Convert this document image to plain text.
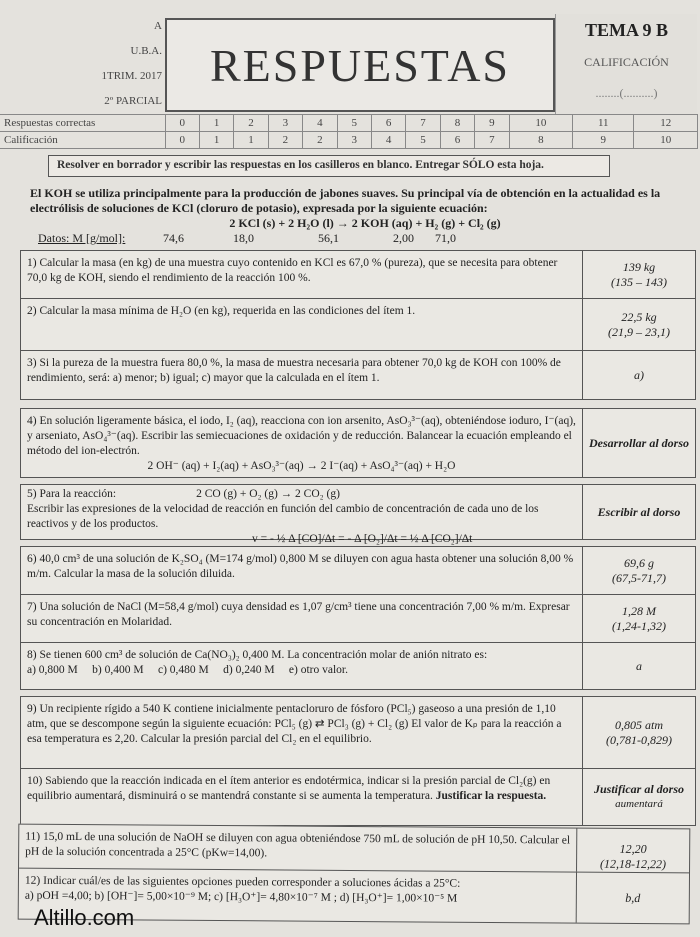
A
U.B.A.
1TRIM. 2017
2º PARCIAL
RESPUESTAS
TEMA 9 B
CALIFICACIÓN
........(..........)
Respuestas correctas	0	1	2	3	4	5	6	7	8	9	10	11	12
Calificación	0	1	1	2	2	3	4	5	6	7	8	9	10
Resolver en borrador y escribir las respuestas en los casilleros en blanco. Entregar SÓLO esta hoja.
El KOH se utiliza principalmente para la producción de jabones suaves. Su principal vía de obtención en la actualidad es la electrólisis de soluciones de KCl (cloruro de potasio), expresada por la siguiente ecuación:
2 KCl (s) + 2 H₂O (l) → 2 KOH (aq) + H₂ (g) + Cl₂ (g)
Datos: M [g/mol]:	74,6	18,0	56,1	2,00	71,0
1) Calcular la masa (en kg) de una muestra cuyo contenido en KCl es 67,0 % (pureza), que se necesita para obtener 70,0 kg de KOH, siendo el rendimiento de la reacción 100 %.
139 kg
(135 – 143)
2) Calcular la masa mínima de H₂O (en kg), requerida en las condiciones del ítem 1.	22,5 kg
(21,9 – 23,1)
3) Si la pureza de la muestra fuera 80,0 %, la masa de muestra necesaria para obtener 70,0 kg de KOH con 100% de rendimiento, será: a) menor; b) igual; c) mayor que la calculada en el ítem 1.	a)
4) En solución ligeramente básica, el iodo, I₂ (aq), reacciona con ion arsenito, AsO₃³⁻(aq), obteniéndose ioduro, I⁻(aq), y arseniato, AsO₄³⁻(aq). Escribir las semiecuaciones de oxidación y de reducción. Balancear la ecuación empleando el método del ion-electrón.
2 OH⁻ (aq) + I₂(aq) + AsO₃³⁻(aq) → 2 I⁻(aq) + AsO₄³⁻(aq) + H₂O
Desarrollar al dorso
5) Para la reacción:	2 CO (g) + O₂ (g) → 2 CO₂ (g)
Escribir las expresiones de la velocidad de reacción en función del cambio de concentración de cada uno de los reactivos y de los productos.
v = - ½ Δ [CO]/Δt = - Δ [O₂]/Δt = ½ Δ [CO₂]/Δt
Escribir al dorso
6) 40,0 cm³ de una solución de K₂SO₄ (M=174 g/mol) 0,800 M se diluyen con agua hasta obtener una solución 8,00 % m/m. Calcular la masa de la solución diluida.
69,6 g
(67,5-71,7)
7) Una solución de NaCl (M=58,4 g/mol) cuya densidad es 1,07 g/cm³ tiene una concentración 7,00 % m/m. Expresar su concentración en Molaridad.
1,28 M
(1,24-1,32)
8) Se tienen 600 cm³ de solución de Ca(NO₃)₂ 0,400 M. La concentración molar de anión nitrato es:
a) 0,800 M     b) 0,400 M     c) 0,480 M     d) 0,240 M     e) otro valor.	a
9) Un recipiente rígido a 540 K contiene inicialmente pentacloruro de fósforo (PCl₅) gaseoso a una presión de 1,10 atm, que se descompone según la siguiente ecuación: PCl₅ (g) ⇄ PCl₃ (g) + Cl₂ (g) El valor de Kₚ para la reacción a esa temperatura es 2,20. Calcular la presión parcial del Cl₂ en el equilibrio.
0,805 atm
(0,781-0,829)
10) Sabiendo que la reacción indicada en el ítem anterior es endotérmica, indicar si la presión parcial de Cl₂(g) en equilibrio aumentará, disminuirá o se mantendrá constante si se aumenta la temperatura. Justificar la respuesta.	Justificar al dorso
aumentará
11) 15,0 mL de una solución de NaOH se diluyen con agua obteniéndose 750 mL de solución de pH 10,50. Calcular el pH de la solución concentrada a 25°C (pKw=14,00).	12,20
(12,18-12,22)
12) Indicar cuál/es de las siguientes opciones pueden corresponder a soluciones ácidas a 25°C:
a) pOH =4,00; b) [OH⁻]= 5,00×10⁻⁹ M; c) [H₃O⁺]= 4,80×10⁻⁷ M ; d) [H₃O⁺]= 1,00×10⁻⁵ M	b,d
Altillo.com
